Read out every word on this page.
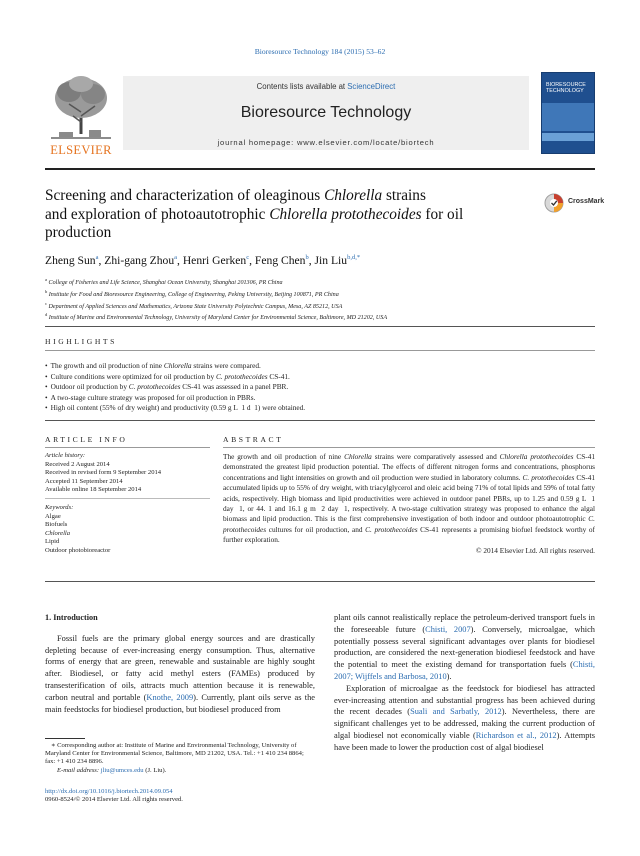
Bioresource Technology 184 (2015) 53–62
ELSEVIER
Contents lists available at ScienceDirect
Bioresource Technology
journal homepage: www.elsevier.com/locate/biortech
BIORESOURCE TECHNOLOGY
Screening and characterization of oleaginous Chlorella strains
and exploration of photoautotrophic Chlorella protothecoides for oil
production
CrossMark
Zheng Sun$^a$, Zhi-gang Zhou$^a$, Henri Gerken$^c$, Feng Chen$^b$, Jin Liu$^{b,d,*}$
$^a$ College of Fisheries and Life Science, Shanghai Ocean University, Shanghai 201306, PR China
$^b$ Institute for Food and Bioresource Engineering, College of Engineering, Peking University, Beijing 100871, PR China
$^c$ Department of Applied Sciences and Mathematics, Arizona State University Polytechnic Campus, Mesa, AZ 85212, USA
$^d$ Institute of Marine and Environmental Technology, University of Maryland Center for Environmental Science, Baltimore, MD 21202, USA
HIGHLIGHTS
• The growth and oil production of nine Chlorella strains were compared.
• Culture conditions were optimized for oil production by C. protothecoides CS-41.
• Outdoor oil production by C. protothecoides CS-41 was assessed in a panel PBR.
• A two-stage culture strategy was proposed for oil production in PBRs.
• High oil content (55% of dry weight) and productivity (0.59 g L  1 d  1) were obtained.
ARTICLE INFO	ABSTRACT
Article history:
Received 2 August 2014
Received in revised form 9 September 2014
Accepted 11 September 2014
Available online 18 September 2014
Keywords:
Algae
Biofuels
Chlorella
Lipid
Outdoor photobioreactor
The growth and oil production of nine Chlorella strains were comparatively assessed and Chlorella protothecoides CS-41 demonstrated the greatest lipid production potential. The effects of different nitrogen forms and concentrations, phosphorus concentrations and light intensities on growth and oil production were studied in laboratory columns. C. protothecoides CS-41 accumulated lipids up to 55% of dry weight, with triacylglycerol and oleic acid being 71% of total lipids and 59% of total fatty acids, respectively. High biomass and lipid productivities were achieved in outdoor panel PBRs, up to 1.25 and 0.59 g L  1 day  1, or 44. 1 and 16.1 g m  2 day  1, respectively. A two-stage cultivation strategy was proposed to enhance the algal biomass and lipid production. This is the first comprehensive investigation of both indoor and outdoor photoautotrophic C. protothecoides cultures for oil production, and C. protothecoides CS-41 represents a promising biofuel feedstock worthy of further exploration.
© 2014 Elsevier Ltd. All rights reserved.
1. Introduction

Fossil fuels are the primary global energy sources and are drastically depleting because of ever-increasing energy consumption. Thus, alternative forms of energy that are green, renewable and sustainable are highly sought after. Biodiesel, or fatty acid methyl esters (FAMEs) produced by transesterification of oils, attracts much attention because it is renewable, carbon neutral and portable (Knothe, 2009). Currently, plant oils serve as the main feedstocks for biodiesel production, but biodiesel produced from

plant oils cannot realistically replace the petroleum-derived transport fuels in the foreseeable future (Chisti, 2007). Conversely, microalgae, which potentially possess several significant advantages over plants for biodiesel production, are considered the next-generation biodiesel feedstock and have the potential to meet the existing demand for transportation fuels (Chisti, 2007; Wijffels and Barbosa, 2010).

Exploration of microalgae as the feedstock for biodiesel has attracted ever-increasing attention and substantial progress has been achieved during the recent decades (Suali and Sarbatly, 2012). Nevertheless, there are significant challenges yet to be addressed, making the current production of algal biodiesel not economically viable (Richardson et al., 2012). Attempts have been made to lower the production cost of algal biodiesel

∗ Corresponding author at: Institute of Marine and Environmental Technology, University of Maryland Center for Environmental Science, Baltimore, MD 21202, USA. Tel.: +1 410 234 8864; fax: +1 410 234 8896.
E-mail address: jliu@umces.edu (J. Liu).
http://dx.doi.org/10.1016/j.biortech.2014.09.054
0960-8524/© 2014 Elsevier Ltd. All rights reserved.
